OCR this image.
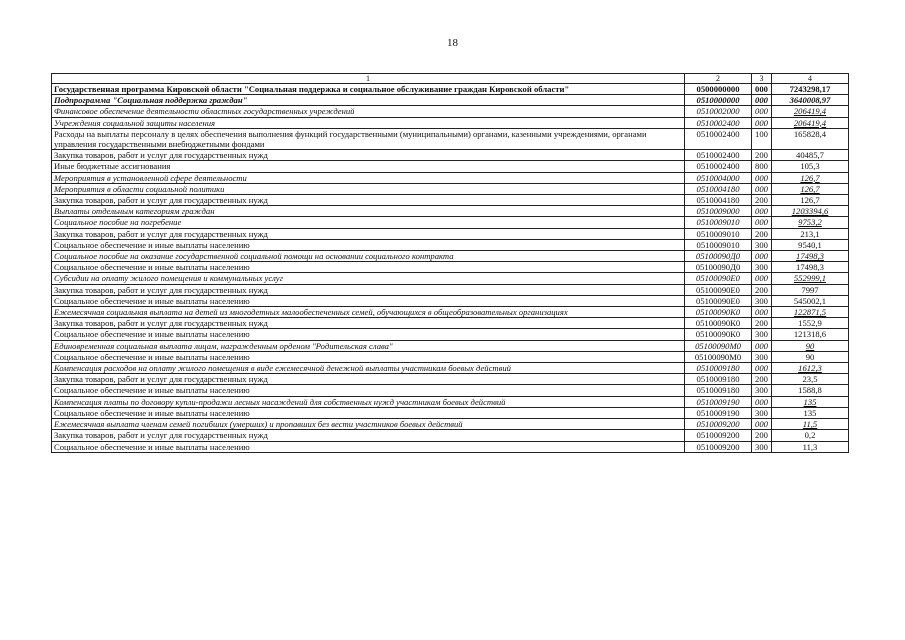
18
1	2	3	4
Государственная программа Кировской области "Социальная поддержка и социальное обслуживание граждан Кировской области"	0500000000	000	7243298,17
Подпрограмма "Социальная поддержка граждан"	0510000000	000	3640008,97
Финансовое обеспечение деятельности областных государственных учреждений	0510002000	000	206419,4
Учреждения социальной защиты населения	0510002400	000	206419,4
Расходы на выплаты персоналу в целях обеспечения выполнения функций государственными (муниципальными) органами, казенными учреждениями, органами управления государственными внебюджетными фондами	0510002400	100	165828,4
Закупка товаров, работ и услуг для государственных нужд	0510002400	200	40485,7
Иные бюджетные ассигнования	0510002400	800	105,3
Мероприятия в установленной сфере деятельности	0510004000	000	126,7
Мероприятия в области социальной политики	0510004180	000	126,7
Закупка товаров, работ и услуг для государственных нужд	0510004180	200	126,7
Выплаты отдельным категориям граждан	0510009000	000	1203394,6
Социальное пособие на погребение	0510009010	000	9753,2
Закупка товаров, работ и услуг для государственных нужд	0510009010	200	213,1
Социальное обеспечение и иные выплаты населению	0510009010	300	9540,1
Социальное пособие на оказание государственной социальной помощи на основании социального контракта	05100090Д0	000	17498,3
Социальное обеспечение и иные выплаты населению	05100090Д0	300	17498,3
Субсидии на оплату жилого помещения и коммунальных услуг	05100090Е0	000	552999,1
Закупка товаров, работ и услуг для государственных нужд	05100090Е0	200	7997
Социальное обеспечение и иные выплаты населению	05100090Е0	300	545002,1
Ежемесячная социальная выплата на детей из многодетных малообеспеченных семей, обучающихся в общеобразовательных организациях	05100090К0	000	122871,5
Закупка товаров, работ и услуг для государственных нужд	05100090К0	200	1552,9
Социальное обеспечение и иные выплаты населению	05100090К0	300	121318,6
Единовременная социальная выплата лицам, награжденным орденом "Родительская слава"	05100090М0	000	90
Социальное обеспечение и иные выплаты населению	05100090М0	300	90
Компенсация расходов на оплату жилого помещения в виде ежемесячной денежной выплаты участникам боевых действий	0510009180	000	1612,3
Закупка товаров, работ и услуг для государственных нужд	0510009180	200	23,5
Социальное обеспечение и иные выплаты населению	0510009180	300	1588,8
Компенсация платы по договору купли-продажи лесных насаждений для собственных нужд участникам боевых действий	0510009190	000	135
Социальное обеспечение и иные выплаты населению	0510009190	300	135
Ежемесячная выплата членам семей погибших (умерших) и пропавших без вести участников боевых действий	0510009200	000	11,5
Закупка товаров, работ и услуг для государственных нужд	0510009200	200	0,2
Социальное обеспечение и иные выплаты населению	0510009200	300	11,3
